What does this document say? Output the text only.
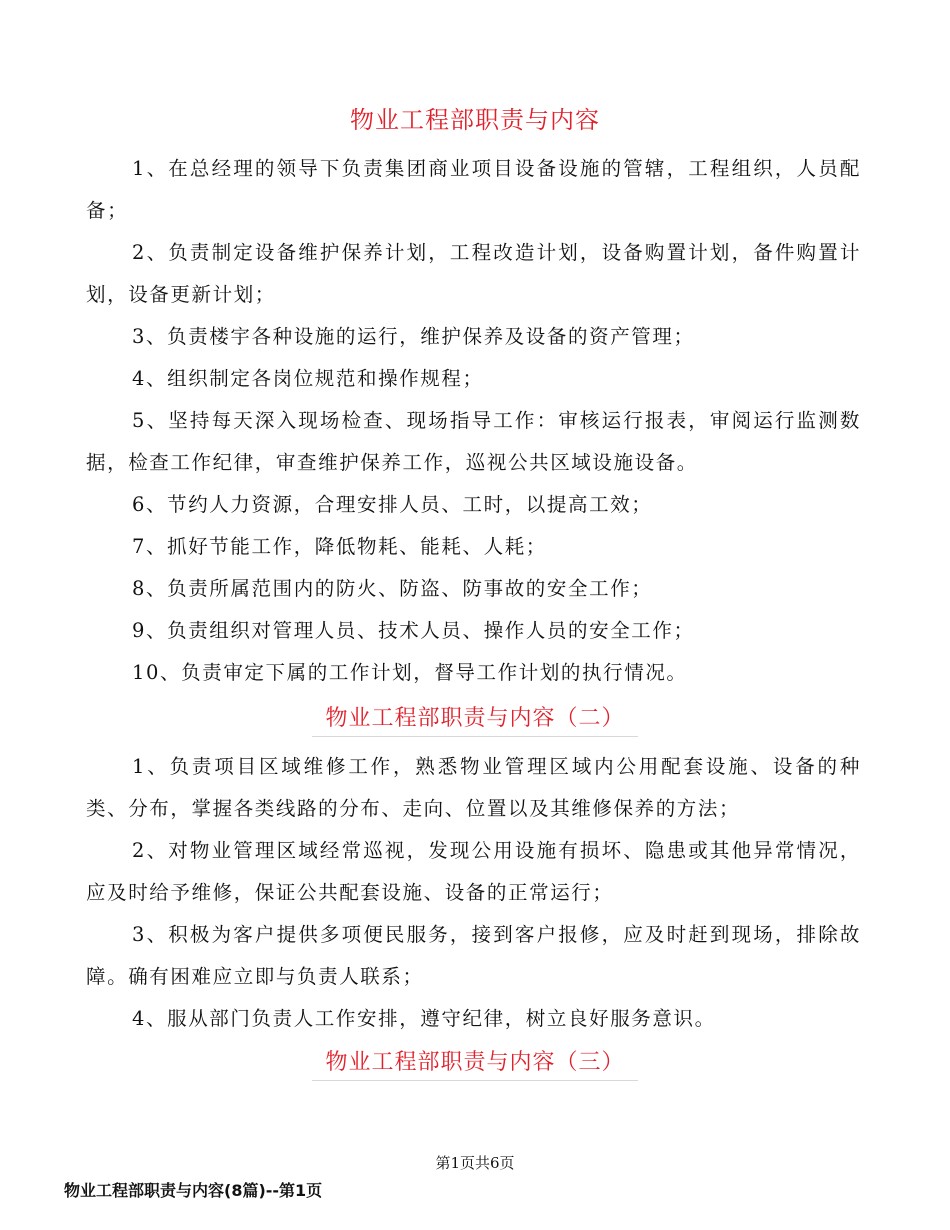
物业工程部职责与内容
1、在总经理的领导下负责集团商业项目设备设施的管辖，工程组织，人员配备；
2、负责制定设备维护保养计划，工程改造计划，设备购置计划，备件购置计划，设备更新计划；
3、负责楼宇各种设施的运行，维护保养及设备的资产管理；
4、组织制定各岗位规范和操作规程；
5、坚持每天深入现场检查、现场指导工作：审核运行报表，审阅运行监测数据，检查工作纪律，审查维护保养工作，巡视公共区域设施设备。
6、节约人力资源，合理安排人员、工时，以提高工效；
7、抓好节能工作，降低物耗、能耗、人耗；
8、负责所属范围内的防火、防盗、防事故的安全工作；
9、负责组织对管理人员、技术人员、操作人员的安全工作；
10、负责审定下属的工作计划，督导工作计划的执行情况。
物业工程部职责与内容（二）
1、负责项目区域维修工作，熟悉物业管理区域内公用配套设施、设备的种类、分布，掌握各类线路的分布、走向、位置以及其维修保养的方法；
2、对物业管理区域经常巡视，发现公用设施有损坏、隐患或其他异常情况，应及时给予维修，保证公共配套设施、设备的正常运行；
3、积极为客户提供多项便民服务，接到客户报修，应及时赶到现场，排除故障。确有困难应立即与负责人联系；
4、服从部门负责人工作安排，遵守纪律，树立良好服务意识。
物业工程部职责与内容（三）
第1页共6页
物业工程部职责与内容(8篇)--第1页
